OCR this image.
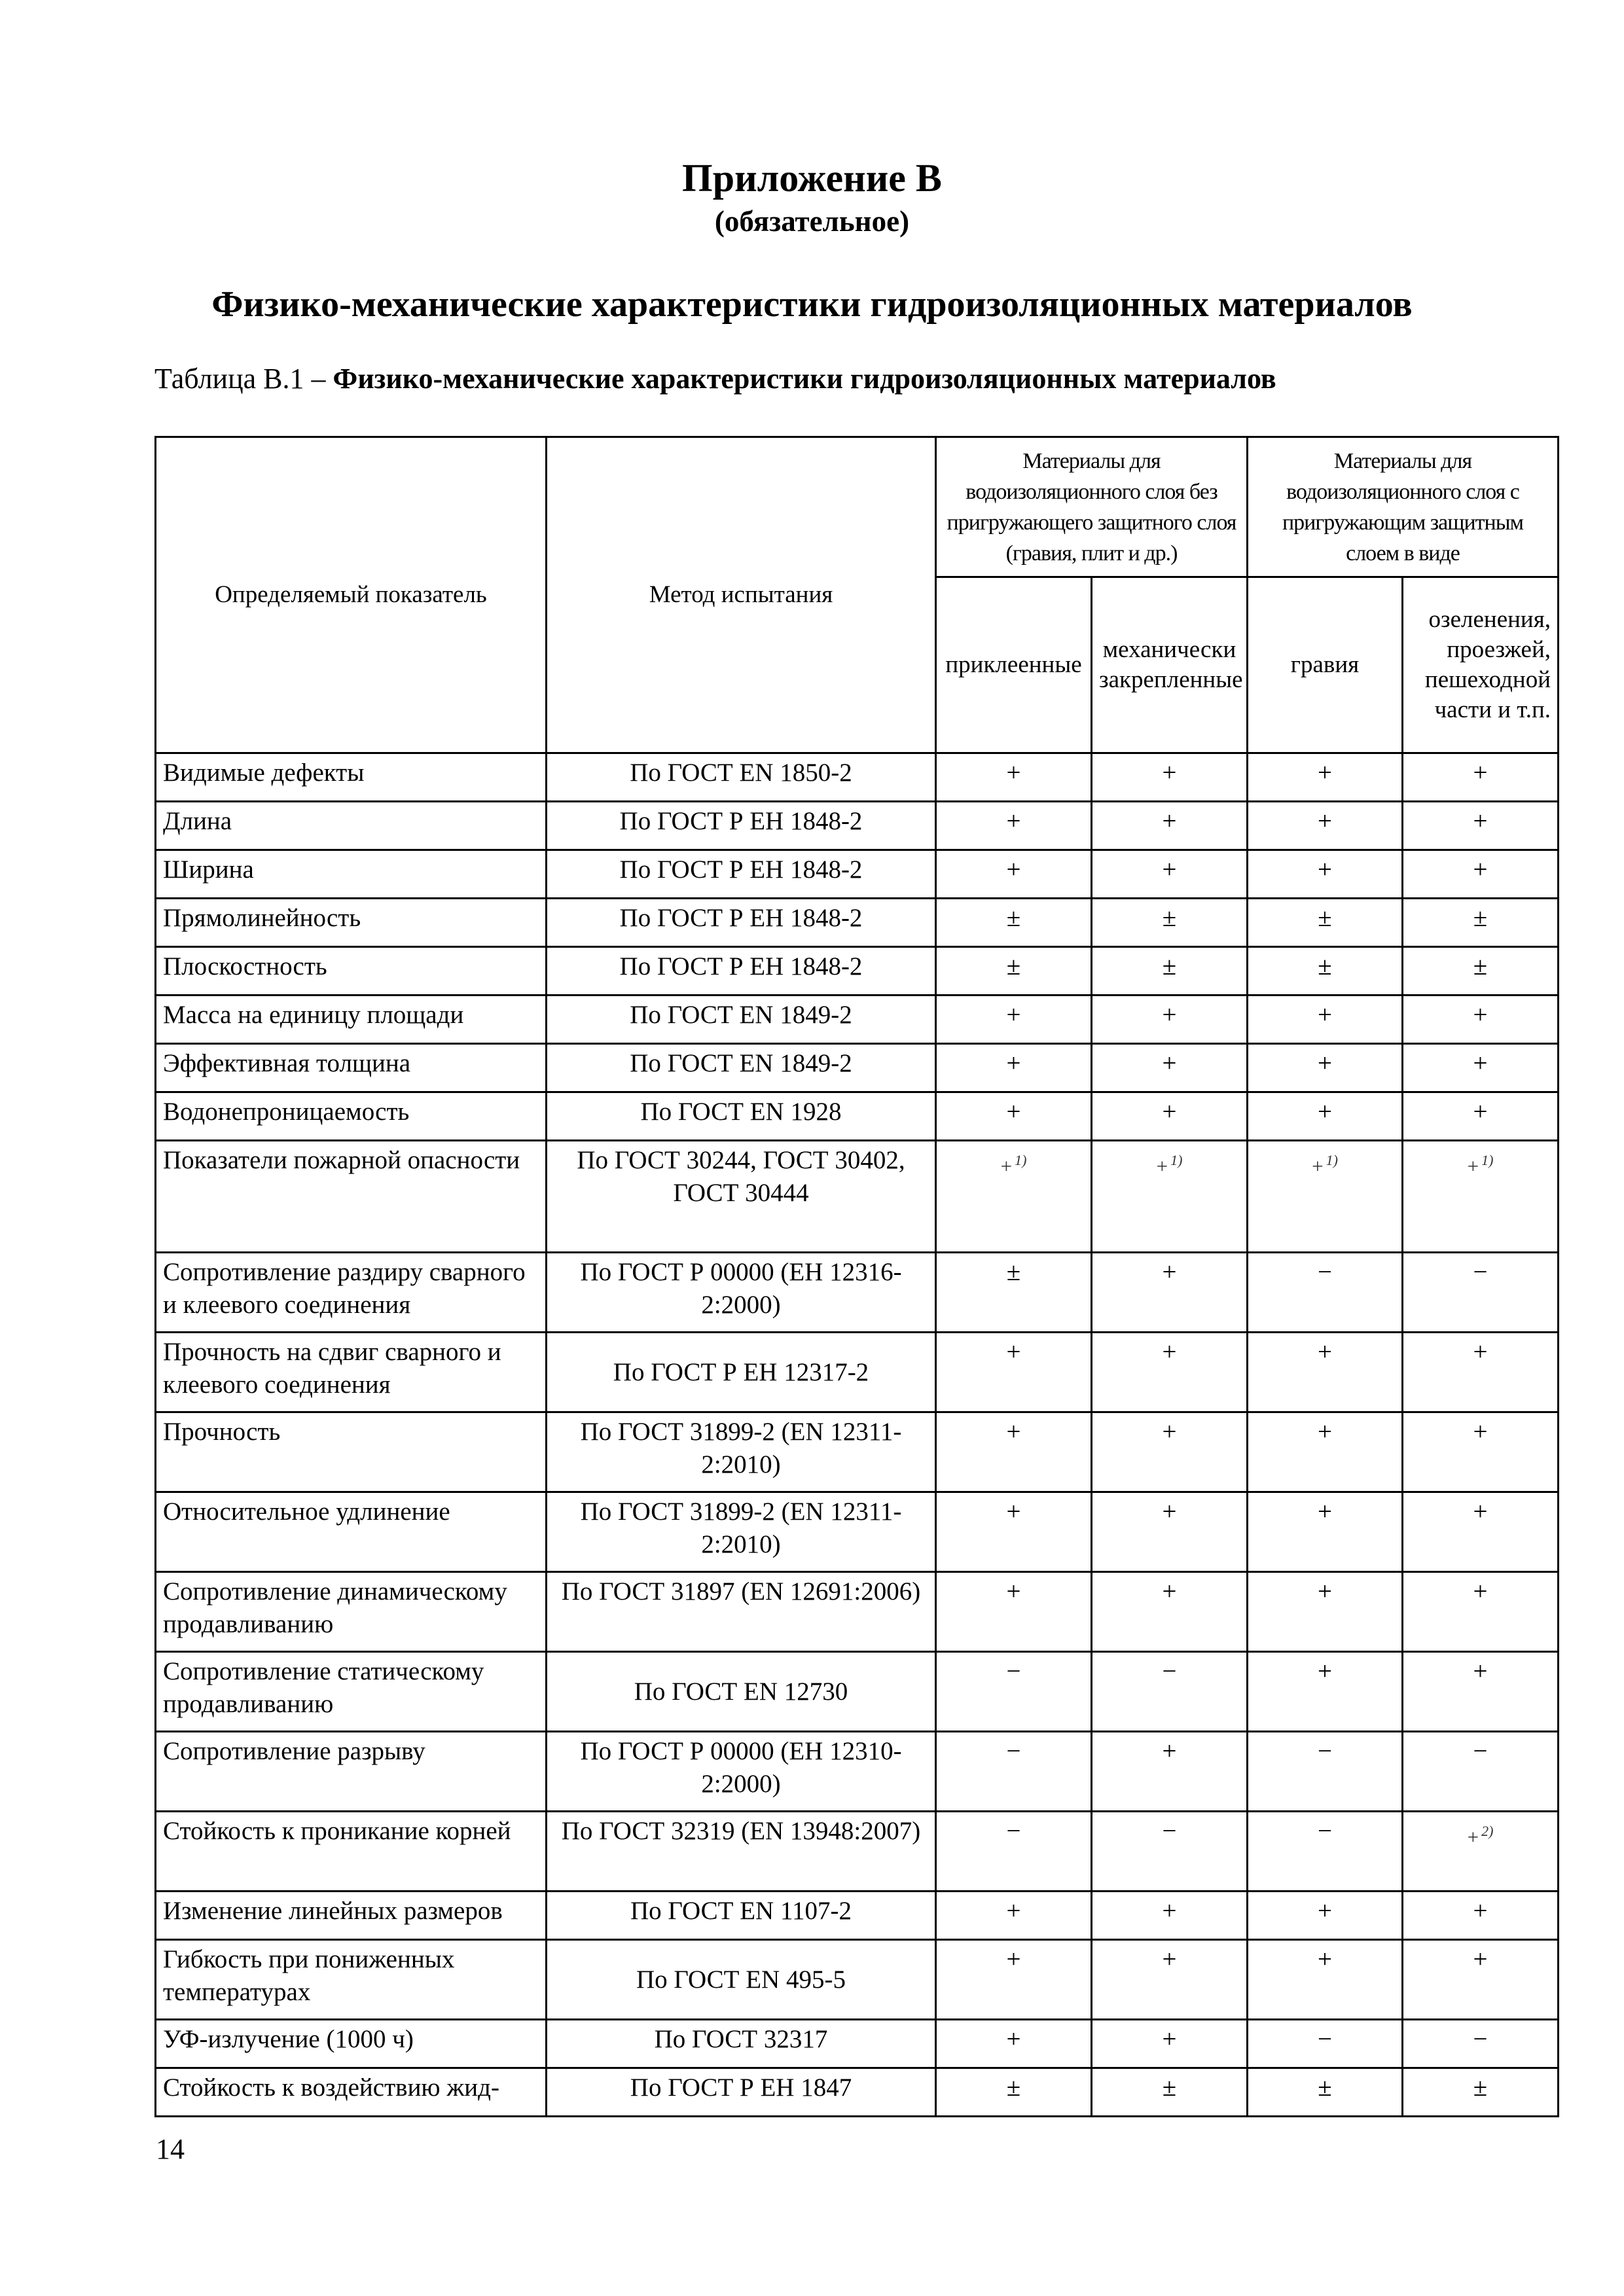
Приложение В
(обязательное)
Физико-механические характеристики гидроизоляционных материалов
Таблица В.1 – Физико-механические характеристики гидроизоляционных материалов
Определяемый показатель	Метод испытания	Материалы для водоизоляционного слоя без пригружающего защитного слоя (гравия, плит и др.)		Материалы для водоизоляционного слоя с пригружающим защитным слоем в виде	
		приклеенные	механически закрепленные	гравия	озеленения, проезжей, пешеходной части и т.п.
Видимые дефекты	По ГОСТ EN 1850-2	+	+	+	+
Длина	По ГОСТ Р ЕН 1848-2	+	+	+	+
Ширина	По ГОСТ Р ЕН 1848-2	+	+	+	+
Прямолинейность	По ГОСТ Р ЕН 1848-2	±	±	±	±
Плоскостность	По ГОСТ Р ЕН 1848-2	±	±	±	±
Масса на единицу площади	По ГОСТ EN 1849-2	+	+	+	+
Эффективная толщина	По ГОСТ EN 1849-2	+	+	+	+
Водонепроницаемость	По ГОСТ EN 1928	+	+	+	+
Показатели пожарной опасности	По ГОСТ 30244, ГОСТ 30402, ГОСТ 30444	+ $^{1)}$	+ $^{1)}$	+ $^{1)}$	+ $^{1)}$
Сопротивление раздиру сварного и клеевого соединения	По ГОСТ Р 00000 (ЕН 12316-2:2000)	±	+	−	−
Прочность на сдвиг сварного и клеевого соединения	По ГОСТ Р ЕН 12317-2	+	+	+	+
Прочность	По ГОСТ 31899-2 (EN 12311-2:2010)	+	+	+	+
Относительное удлинение	По ГОСТ 31899-2 (EN 12311-2:2010)	+	+	+	+
Сопротивление динамическому продавливанию	По ГОСТ 31897 (EN 12691:2006)	+	+	+	+
Сопротивление статическому продавливанию	По ГОСТ EN 12730	−	−	+	+
Сопротивление разрыву	По ГОСТ Р 00000 (ЕН 12310-2:2000)	−	+	−	−
Стойкость к проникание корней	По ГОСТ 32319 (EN 13948:2007)	−	−	−	+ $^{2)}$
Изменение линейных размеров	По ГОСТ EN 1107-2	+	+	+	+
Гибкость при пониженных температурах	По ГОСТ EN 495-5	+	+	+	+
УФ-излучение (1000 ч)	По ГОСТ 32317	+	+	−	−
Стойкость к воздействию жид-	По ГОСТ Р ЕН 1847	±	±	±	±
14
